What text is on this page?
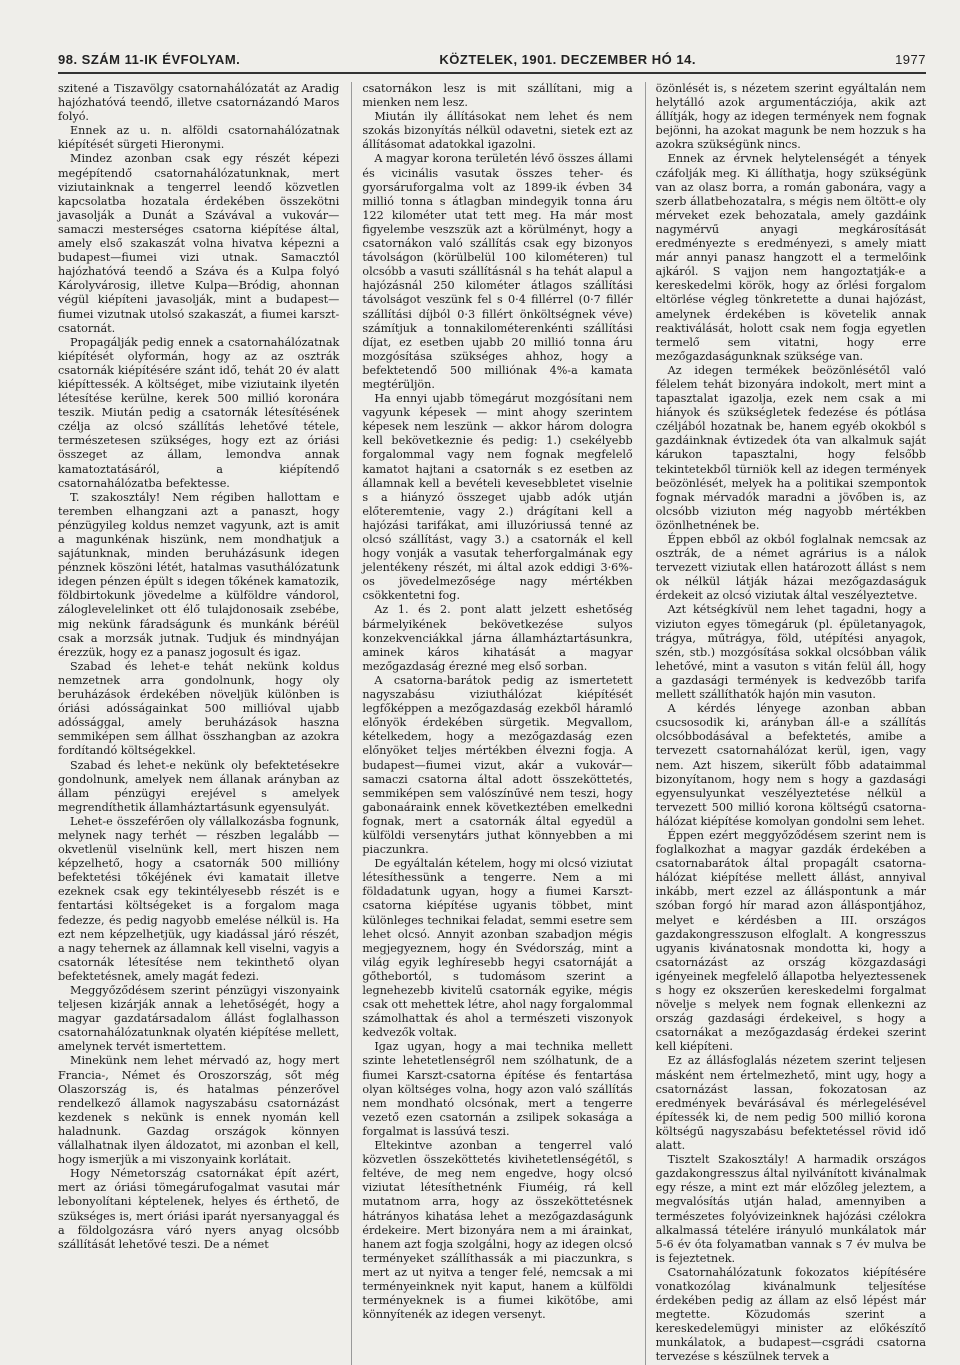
98. SZÁM 11-IK ÉVFOLYAM.	KÖZTELEK, 1901. DECZEMBER HÓ 14.	1977

szitené a Tiszavölgy csatornahálózatát az Aradig hajózhatóvá teendő, illetve csatornázandó Maros folyó.

Ennek az u. n. alföldi csatornahálózatnak kiépítését sürgeti Hieronymi.

Mindez azonban csak egy részét képezi megépítendő csatornahálózatunknak, mert viziutainknak a tengerrel leendő közvetlen kapcsolatba hozatala érdekében összekötni javasolják a Dunát a Szávával a vukovár—samaczi mesterséges csatorna kiépítése által, amely első szakaszát volna hivatva képezni a budapest—fiumei vizi utnak. Samacztól hajózhatóvá teendő a Száva és a Kulpa folyó Károlyvárosig, illetve Kulpa—Bródig, ahonnan végül kiépíteni javasolják, mint a budapest—fiumei vizutnak utolsó szakaszát, a fiumei karszt-csatornát.

Propagálják pedig ennek a csatornahálózatnak kiépítését olyformán, hogy az az osztrák csatornák kiépítésére szánt idő, tehát 20 év alatt kiépíttessék. A költséget, mibe viziutaink ilyetén létesítése kerülne, kerek 500 millió koronára teszik. Miután pedig a csatornák létesítésének czélja az olcsó szállítás lehetővé tétele, természetesen szükséges, hogy ezt az óriási összeget az állam, lemondva annak kamatoztatásáról, a kiépítendő csatornahálózatba befektesse.

T. szakosztály! Nem régiben hallottam e teremben elhangzani azt a panaszt, hogy pénzügyileg koldus nemzet vagyunk, azt is amit a magunkénak hiszünk, nem mondhatjuk a sajátunknak, minden beruházásunk idegen pénznek köszöni létét, hatalmas vasuthálózatunk idegen pénzen épült s idegen tőkének kamatozik, földbirtokunk jövedelme a külföldre vándorol, záloglevelelinket ott élő tulajdonosaik zsebébe, mig nekünk fáradságunk és munkánk béréül csak a morzsák jutnak. Tudjuk és mindnyájan érezzük, hogy ez a panasz jogosult és igaz.

Szabad és lehet-e tehát nekünk koldus nemzetnek arra gondolnunk, hogy oly beruházások érdekében növeljük különben is óriási adósságainkat 500 millióval ujabb adóssággal, amely beruházások haszna semmiképen sem állhat összhangban az azokra fordítandó költségekkel.

Szabad és lehet-e nekünk oly befektetésekre gondolnunk, amelyek nem állanak arányban az állam pénzügyi erejével s amelyek megrendíthetik államháztartásunk egyensulyát.

Lehet-e összeférően oly vállalkozásba fognunk, melynek nagy terhét — részben legalább — okvetlenül viselnünk kell, mert hiszen nem képzelhető, hogy a csatornák 500 millióny befektetési tőkéjének évi kamatait illetve ezeknek csak egy tekintélyesebb részét is e fentartási költségeket is a forgalom maga fedezze, és pedig nagyobb emelése nélkül is. Ha ezt nem képzelhetjük, ugy kiadással járó részét, a nagy tehernek az államnak kell viselni, vagyis a csatornák létesítése nem tekinthető olyan befektetésnek, amely magát fedezi.

Meggyőződésem szerint pénzügyi viszonyaink teljesen kizárják annak a lehetőségét, hogy a magyar gazdatársadalom állást foglalhasson csatornahálózatunknak olyatén kiépítése mellett, amelynek tervét ismertettem.

Minekünk nem lehet mérvadó az, hogy mert Francia-, Német és Oroszország, sőt még Olaszország is, és hatalmas pénzerővel rendelkező államok nagyszabásu csatornázást kezdenek s nekünk is ennek nyomán kell haladnunk. Gazdag országok könnyen vállalhatnak ilyen áldozatot, mi azonban el kell, hogy ismerjük a mi viszonyaink korlátait.

Hogy Németország csatornákat épít azért, mert az óriási tömegárufogalmat vasutai már lebonyolítani képtelenek, helyes és érthető, de szükséges is, mert óriási iparát nyersanyaggal és a földolgozásra váró nyers anyag olcsóbb szállítását lehetővé teszi. De a német

csatornákon lesz is mit szállítani, mig a mienken nem lesz.

Miután ily állításokat nem lehet és nem szokás bizonyítás nélkül odavetni, sietek ezt az állításomat adatokkal igazolni.

A magyar korona területén lévő összes állami és vicinális vasutak összes teher- és gyorsáruforgalma volt az 1899-ik évben 34 millió tonna s átlagban mindegyik tonna áru 122 kilométer utat tett meg. Ha már most figyelembe veszszük azt a körülményt, hogy a csatornákon való szállítás csak egy bizonyos távolságon (körülbelül 100 kilométeren) tul olcsóbb a vasuti szállításnál s ha tehát alapul a hajózásnál 250 kilométer átlagos szállítási távolságot veszünk fel s 0·4 fillérrel (0·7 fillér szállítási díjból 0·3 fillért önköltségnek véve) számítjuk a tonnakilométerenkénti szállítási díjat, ez esetben ujabb 20 millió tonna áru mozgósítása szükséges ahhoz, hogy a befektetendő 500 milliónak 4%-a kamata megtérüljön.

Ha ennyi ujabb tömegárut mozgósítani nem vagyunk képesek — mint ahogy szerintem képesek nem leszünk — akkor három dologra kell bekövetkeznie és pedig: 1.) csekélyebb forgalommal vagy nem fognak megfelelő kamatot hajtani a csatornák s ez esetben az államnak kell a bevételi kevesebbletet viselnie s a hiányzó összeget ujabb adók utján előteremtenie, vagy 2.) drágítani kell a hajózási tarifákat, ami illuzóriussá tenné az olcsó szállítást, vagy 3.) a csatornák el kell hogy vonják a vasutak teherforgalmának egy jelentékeny részét, mi által azok eddigi 3·6%-os jövedelmezősége nagy mértékben csökkentetni fog.

Az 1. és 2. pont alatt jelzett eshetőség bármelyikének bekövetkezése sulyos konzekvenciákkal járna államháztartásunkra, aminek káros kihatását a magyar mezőgazdaság érezné meg első sorban.

A csatorna-barátok pedig az ismertetett nagyszabásu viziuthálózat kiépítését legfőképpen a mezőgazdaság ezekből háramló előnyök érdekében sürgetik. Megvallom, kételkedem, hogy a mezőgazdaság ezen előnyöket teljes mértékben élvezni fogja. A budapest—fiumei vizut, akár a vukovár—samaczi csatorna által adott összeköttetés, semmiképen sem valószínűvé nem teszi, hogy gabonaáraink ennek következtében emelkedni fognak, mert a csatornák által egyedül a külföldi versenytárs juthat könnyebben a mi piaczunkra.

De egyáltalán kételem, hogy mi olcsó viziutat létesíthessünk a tengerre. Nem a mi földadatunk ugyan, hogy a fiumei Karszt-csatorna kiépítése ugyanis többet, mint különleges technikai feladat, semmi esetre sem lehet olcsó. Annyit azonban szabadjon mégis megjegyeznem, hogy én Svédország, mint a világ egyik leghíresebb hegyi csatornáját a gőthebortól, s tudomásom szerint a legnehezebb kivitelű csatornák egyike, mégis csak ott mehettek létre, ahol nagy forgalommal számolhattak és ahol a természeti viszonyok kedvezők voltak.

Igaz ugyan, hogy a mai technika mellett szinte lehetetlenségről nem szólhatunk, de a fiumei Karszt-csatorna építése és fentartása olyan költséges volna, hogy azon való szállítás nem mondható olcsónak, mert a tengerre vezető ezen csatornán a zsilipek sokasága a forgalmat is lassúvá teszi.

Eltekintve azonban a tengerrel való közvetlen összeköttetés kivihetetlenségétől, s feltéve, de meg nem engedve, hogy olcsó viziutat létesíthetnénk Fiuméig, rá kell mutatnom arra, hogy az összeköttetésnek hátrányos kihatása lehet a mezőgazdaságunk érdekeire. Mert bizonyára nem a mi árainkat, hanem azt fogja szolgálni, hogy az idegen olcsó terményeket szállíthassák a mi piaczunkra, s mert az ut nyitva a tenger felé, nemcsak a mi terményeinknek nyit kaput, hanem a külföldi terményeknek is a fiumei kikötőbe, ami könnyítenék az idegen versenyt.

özönlését is, s nézetem szerint egyáltalán nem helytálló azok argumentácziója, akik azt állítják, hogy az idegen termények nem fognak bejönni, ha azokat magunk be nem hozzuk s ha azokra szükségünk nincs.

Ennek az érvnek helytelenségét a tények czáfolják meg. Ki állíthatja, hogy szükségünk van az olasz borra, a román gabonára, vagy a szerb állatbehozatalra, s mégis nem öltött-e oly mérveket ezek behozatala, amely gazdáink nagymérvű anyagi megkárosítását eredményezte s eredményezi, s amely miatt már annyi panasz hangzott el a termelőink ajkáról. S vajjon nem hangoztatják-e a kereskedelmi körök, hogy az őrlési forgalom eltörlése végleg tönkretette a dunai hajózást, amelynek érdekében is követelik annak reaktiválását, holott csak nem fogja egyetlen termelő sem vitatni, hogy erre mezőgazdaságunknak szüksége van.

Az idegen termékek beözönlésétől való félelem tehát bizonyára indokolt, mert mint a tapasztalat igazolja, ezek nem csak a mi hiányok és szükségletek fedezése és pótlása czéljából hozatnak be, hanem egyéb okokból s gazdáinknak évtizedek óta van alkalmuk saját kárukon tapasztalni, hogy felsőbb tekintetekből türniök kell az idegen termények beözönlését, melyek ha a politikai szempontok fognak mérvadók maradni a jövőben is, az olcsóbb viziuton még nagyobb mértékben özönlhetnének be.

Éppen ebből az okból foglalnak nemcsak az osztrák, de a német agrárius is a nálok tervezett viziutak ellen határozott állást s nem ok nélkül látják házai mezőgazdaságuk érdekeit az olcsó viziutak által veszélyeztetve.

Azt kétségkívül nem lehet tagadni, hogy a viziuton egyes tömegáruk (pl. épületanyagok, trágya, műtrágya, föld, utépítési anyagok, szén, stb.) mozgósítása sokkal olcsóbban válik lehetővé, mint a vasuton s vitán felül áll, hogy a gazdasági termények is kedvezőbb tarifa mellett szállíthatók hajón min vasuton.

A kérdés lényege azonban abban csucsosodik ki, arányban áll-e a szállítás olcsóbbodásával a befektetés, amibe a tervezett csatornahálózat kerül, igen, vagy nem. Azt hiszem, sikerült főbb adataimmal bizonyítanom, hogy nem s hogy a gazdasági egyensulyunkat veszélyeztetése nélkül a tervezett 500 millió korona költségű csatorna-hálózat kiépítése komolyan gondolni sem lehet.

Éppen ezért meggyőződésem szerint nem is foglalkozhat a magyar gazdák érdekében a csatornabarátok által propagált csatorna-hálózat kiépítése mellett állást, annyival inkább, mert ezzel az álláspontunk a már szóban forgó hír marad azon álláspontjához, melyet e kérdésben a III. országos gazdakongresszuson elfoglalt. A kongresszus ugyanis kivánatosnak mondotta ki, hogy a csatornázást az ország közgazdasági igényeinek megfelelő állapotba helyeztessenek s hogy ez okszerűen kereskedelmi forgalmat növelje s melyek nem fognak ellenkezni az ország gazdasági érdekeivel, s hogy a csatornákat a mezőgazdaság érdekei szerint kell kiépíteni.

Ez az állásfoglalás nézetem szerint teljesen másként nem értelmezhető, mint ugy, hogy a csatornázást lassan, fokozatosan az eredmények bevárásával és mérlegelésével építessék ki, de nem pedig 500 millió korona költségű nagyszabásu befektetéssel rövid idő alatt.

Tisztelt Szakosztály! A harmadik országos gazdakongresszus által nyilvánított kivánalmak egy része, a mint ezt már előzőleg jeleztem, a megvalósítás utján halad, amennyiben a természetes folyóvizeinknek hajózási czélokra alkalmassá tételére irányuló munkálatok már 5-6 év óta folyamatban vannak s 7 év mulva be is fejeztetnek.

Csatornahálózatunk fokozatos kiépítésére vonatkozólag kivánalmunk teljesítése érdekében pedig az állam az első lépést már megtette. Közudomás szerint a kereskedelemügyi minister az előkészítő munkálatok, a budapest—csgrádi csatorna tervezése s készülnek tervek a
